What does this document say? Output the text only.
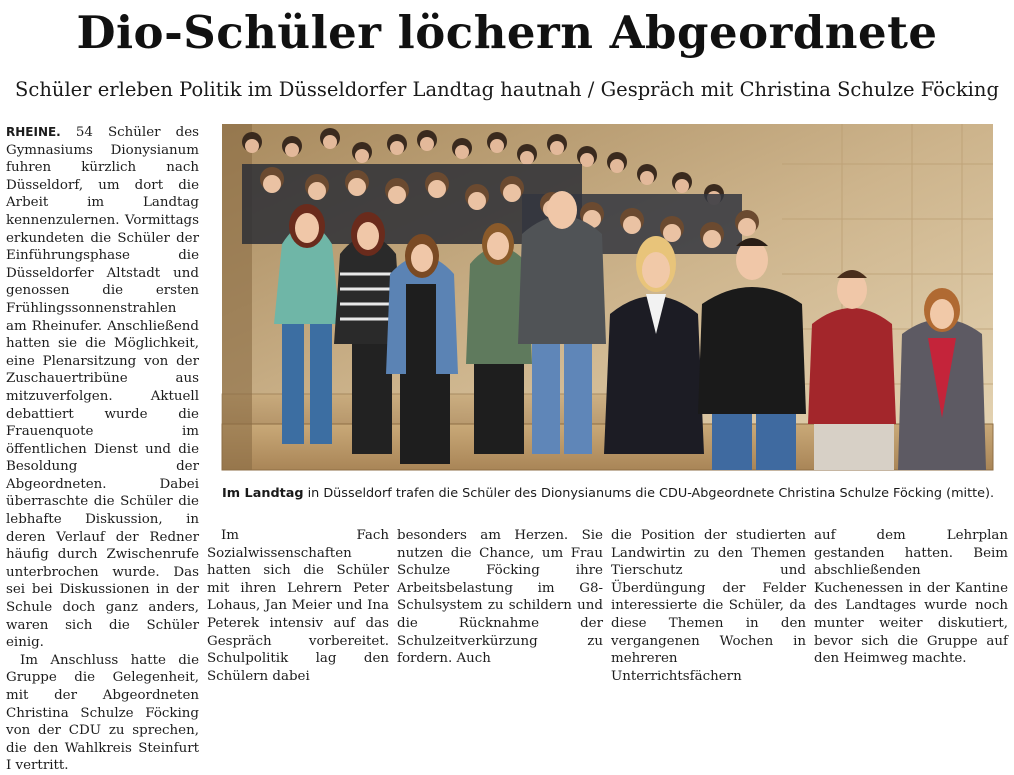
Dio-Schüler löchern Abgeordnete
Schüler erleben Politik im Düsseldorfer Landtag hautnah / Gespräch mit Christina Schulze Föcking

RHEINE. 54 Schüler des Gymnasiums Dionysianum fuhren kürzlich nach Düsseldorf, um dort die Arbeit im Landtag kennenzulernen. Vormittags erkundeten die Schüler der Einführungsphase die Düsseldorfer Altstadt und genossen die ersten Frühlingssonnenstrahlen am Rheinufer. Anschließend hatten sie die Möglichkeit, eine Plenarsitzung von der Zuschauertribüne aus mitzuverfolgen. Aktuell debattiert wurde die Frauenquote im öffentlichen Dienst und die Besoldung der Abgeordneten. Dabei überraschte die Schüler die lebhafte Diskussion, in deren Verlauf der Redner häufig durch Zwischenrufe unterbrochen wurde. Das sei bei Diskussionen in der Schule doch ganz anders, waren sich die Schüler einig.

Im Anschluss hatte die Gruppe die Gelegenheit, mit der Abgeordneten Christina Schulze Föcking von der CDU zu sprechen, die den Wahlkreis Steinfurt I vertritt.

Im Landtag in Düsseldorf trafen die Schüler des Dionysianums die CDU-Abgeordnete Christina Schulze Föcking (mitte).

Im Fach Sozialwissenschaften hatten sich die Schüler mit ihren Lehrern Peter Lohaus, Jan Meier und Ina Peterek intensiv auf das Gespräch vorbereitet. Schulpolitik lag den Schülern dabei

besonders am Herzen. Sie nutzen die Chance, um Frau Schulze Föcking ihre Arbeitsbelastung im G8-Schulsystem zu schildern und die Rücknahme der Schulzeitverkürzung zu fordern. Auch

die Position der studierten Landwirtin zu den Themen Tierschutz und Überdüngung der Felder interessierte die Schüler, da diese Themen in den vergangenen Wochen in mehreren Unterrichtsfächern

auf dem Lehrplan gestanden hatten. Beim abschließenden Kuchenessen in der Kantine des Landtages wurde noch munter weiter diskutiert, bevor sich die Gruppe auf den Heimweg machte.
